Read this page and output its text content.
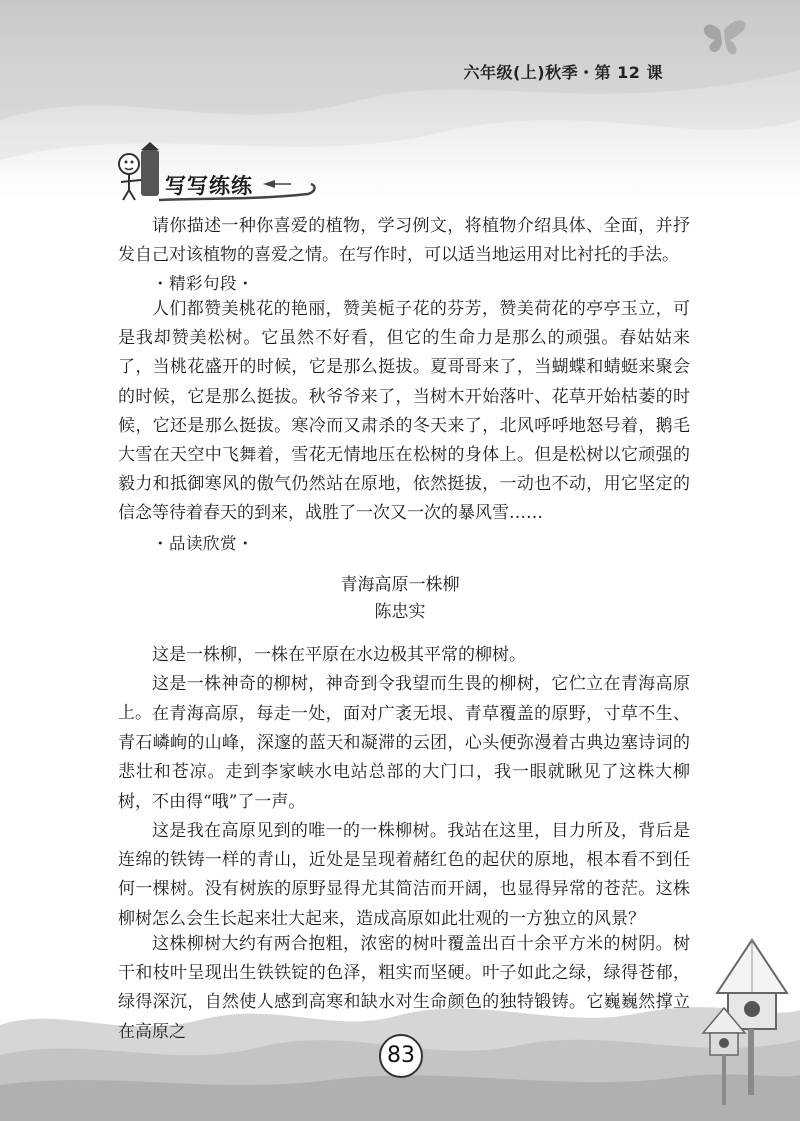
六年级(上)秋季・第 12 课
写写练练

请你描述一种你喜爱的植物，学习例文，将植物介绍具体、全面，并抒发自己对该植物的喜爱之情。在写作时，可以适当地运用对比衬托的手法。

・精彩句段・

人们都赞美桃花的艳丽，赞美栀子花的芬芳，赞美荷花的亭亭玉立，可是我却赞美松树。它虽然不好看，但它的生命力是那么的顽强。春姑姑来了，当桃花盛开的时候，它是那么挺拔。夏哥哥来了，当蝴蝶和蜻蜓来聚会的时候，它是那么挺拔。秋爷爷来了，当树木开始落叶、花草开始枯萎的时候，它还是那么挺拔。寒冷而又肃杀的冬天来了，北风呼呼地怒号着，鹅毛大雪在天空中飞舞着，雪花无情地压在松树的身体上。但是松树以它顽强的毅力和抵御寒风的傲气仍然站在原地，依然挺拔，一动也不动，用它坚定的信念等待着春天的到来，战胜了一次又一次的暴风雪……

・品读欣赏・
青海高原一株柳
陈忠实

这是一株柳，一株在平原在水边极其平常的柳树。

这是一株神奇的柳树，神奇到令我望而生畏的柳树，它伫立在青海高原上。 在青海高原，每走一处，面对广袤无垠、青草覆盖的原野，寸草不生、青石嶙峋的山峰，深邃的蓝天和凝滞的云团，心头便弥漫着古典边塞诗词的悲壮和苍凉。走到李家峡水电站总部的大门口，我一眼就瞅见了这株大柳树，不由得“哦”了一声。

这是我在高原见到的唯一的一株柳树。我站在这里，目力所及，背后是连绵的铁铸一样的青山，近处是呈现着赭红色的起伏的原地，根本看不到任何一棵树。没有树族的原野显得尤其简洁而开阔，也显得异常的苍茫。这株柳树怎么会生长起来壮大起来，造成高原如此壮观的一方独立的风景？

这株柳树大约有两合抱粗，浓密的树叶覆盖出百十余平方米的树阴。树干和枝叶呈现出生铁铁锭的色泽，粗实而坚硬。叶子如此之绿，绿得苍郁，绿得深沉，自然使人感到高寒和缺水对生命颜色的独特锻铸。它巍巍然撑立在高原之

83
